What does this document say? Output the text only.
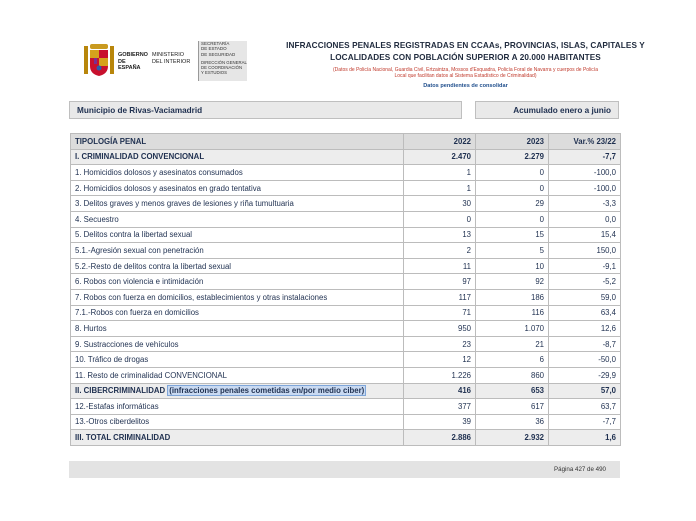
GOBIERNO
DE ESPAÑA
MINISTERIO
DEL INTERIOR
SECRETARÍA
DE ESTADO
DE SEGURIDAD
DIRECCIÓN GENERAL
DE COORDINACIÓN
Y ESTUDIOS
INFRACCIONES PENALES REGISTRADAS EN CCAAs, PROVINCIAS, ISLAS, CAPITALES Y
LOCALIDADES CON POBLACIÓN SUPERIOR A 20.000 HABITANTES
(Datos de Policía Nacional, Guardia Civil, Ertzaintza, Mossos d'Esquadra, Policía Foral de Navarra y cuerpos de Policía
Local que facilitan datos al Sistema Estadístico de Criminalidad)
Datos pendientes de consolidar
Municipio de Rivas-Vaciamadrid	Acumulado enero a junio
TIPOLOGÍA PENAL	2022	2023	Var.% 23/22
I. CRIMINALIDAD CONVENCIONAL	2.470	2.279	-7,7
1. Homicidios dolosos y asesinatos consumados	1	0	-100,0
2. Homicidios dolosos y asesinatos en grado tentativa	1	0	-100,0
3. Delitos graves y menos graves de lesiones y riña tumultuaria	30	29	-3,3
4. Secuestro	0	0	0,0
5. Delitos contra la libertad sexual	13	15	15,4
5.1.-Agresión sexual con penetración	2	5	150,0
5.2.-Resto de delitos contra la libertad sexual	11	10	-9,1
6. Robos con violencia e intimidación	97	92	-5,2
7. Robos con fuerza en domicilios, establecimientos y otras instalaciones	117	186	59,0
7.1.-Robos con fuerza en domicilios	71	116	63,4
8. Hurtos	950	1.070	12,6
9. Sustracciones de vehículos	23	21	-8,7
10. Tráfico de drogas	12	6	-50,0
11. Resto de criminalidad CONVENCIONAL	1.226	860	-29,9
II. CIBERCRIMINALIDAD (infracciones penales cometidas en/por medio ciber)	416	653	57,0
12.-Estafas informáticas	377	617	63,7
13.-Otros ciberdelitos	39	36	-7,7
III. TOTAL CRIMINALIDAD	2.886	2.932	1,6
Página 427 de 490
